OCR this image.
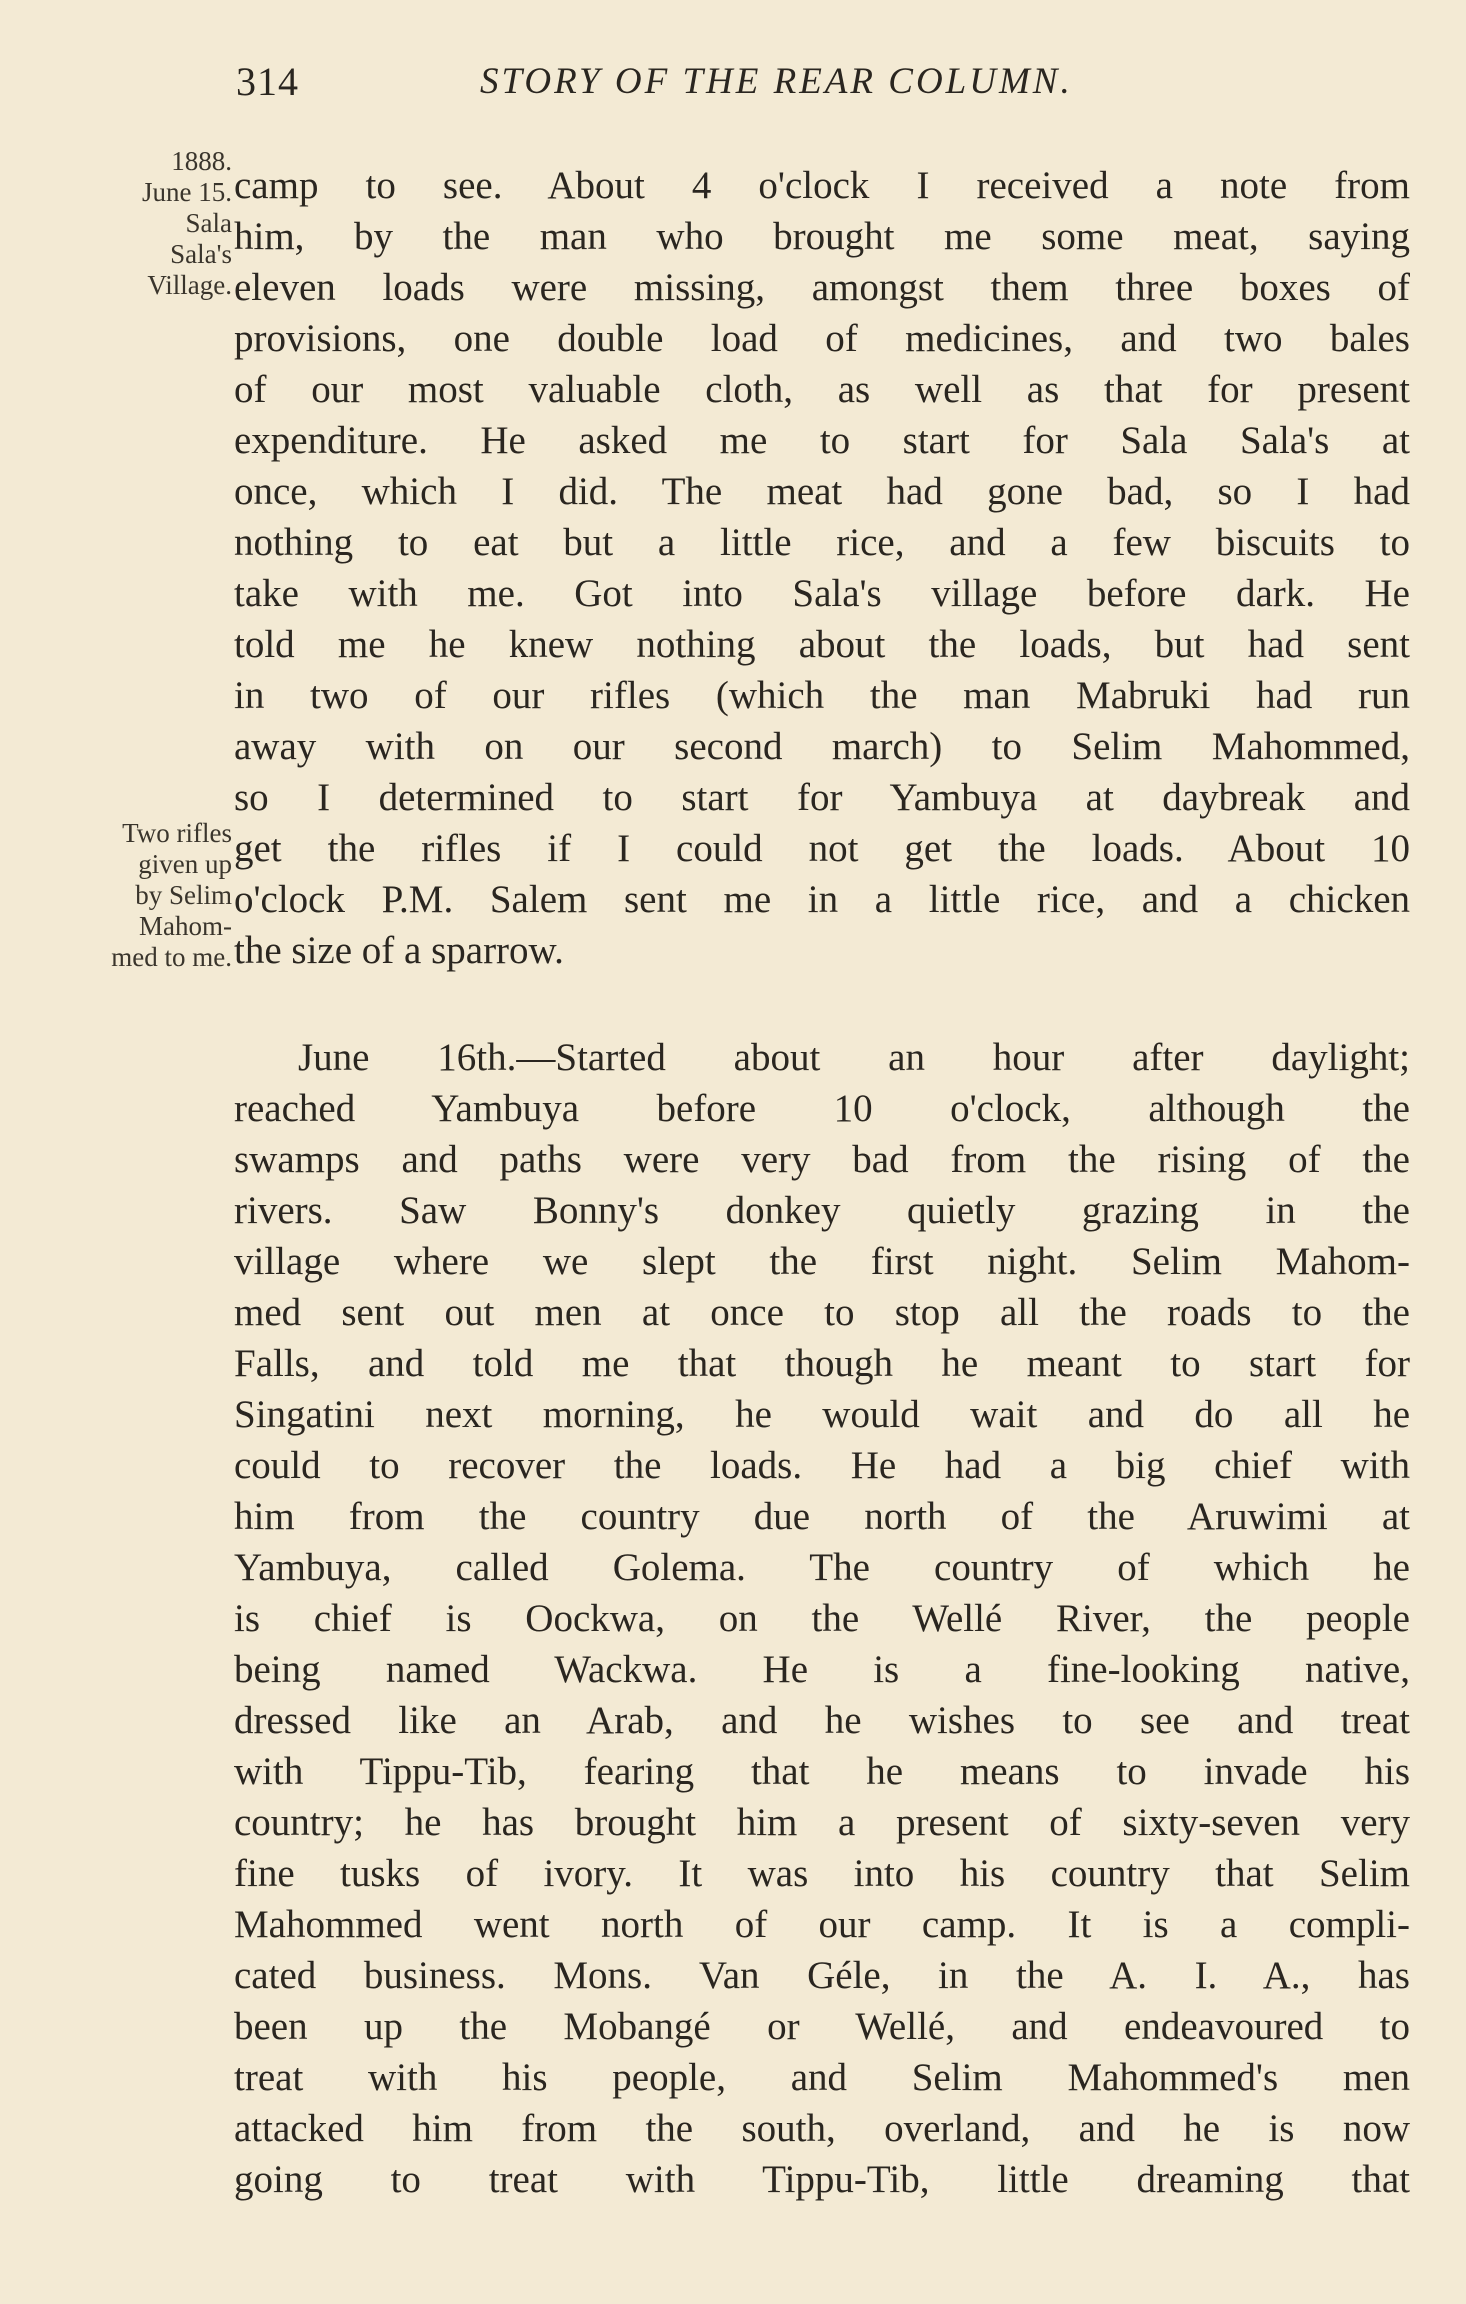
314	STORY OF THE REAR COLUMN.
1888.
June 15.
Sala
Sala's
Village.
Two rifles
given up
by Selim
Mahom-
med to me.
camp to see. About 4 o'clock I received a note from
him, by the man who brought me some meat, saying
eleven loads were missing, amongst them three boxes of
provisions, one double load of medicines, and two bales
of our most valuable cloth, as well as that for present
expenditure. He asked me to start for Sala Sala's at
once, which I did. The meat had gone bad, so I had
nothing to eat but a little rice, and a few biscuits to
take with me. Got into Sala's village before dark. He
told me he knew nothing about the loads, but had sent
in two of our rifles (which the man Mabruki had run
away with on our second march) to Selim Mahommed,
so I determined to start for Yambuya at daybreak and
get the rifles if I could not get the loads. About 10
o'clock P.M. Salem sent me in a little rice, and a chicken
the size of a sparrow.
June 16th.—Started about an hour after daylight;
reached Yambuya before 10 o'clock, although the
swamps and paths were very bad from the rising of the
rivers. Saw Bonny's donkey quietly grazing in the
village where we slept the first night. Selim Mahom-
med sent out men at once to stop all the roads to the
Falls, and told me that though he meant to start for
Singatini next morning, he would wait and do all he
could to recover the loads. He had a big chief with
him from the country due north of the Aruwimi at
Yambuya, called Golema. The country of which he
is chief is Oockwa, on the Wellé River, the people
being named Wackwa. He is a fine-looking native,
dressed like an Arab, and he wishes to see and treat
with Tippu-Tib, fearing that he means to invade his
country; he has brought him a present of sixty-seven very
fine tusks of ivory. It was into his country that Selim
Mahommed went north of our camp. It is a compli-
cated business. Mons. Van Géle, in the A. I. A., has
been up the Mobangé or Wellé, and endeavoured to
treat with his people, and Selim Mahommed's men
attacked him from the south, overland, and he is now
going to treat with Tippu-Tib, little dreaming that
